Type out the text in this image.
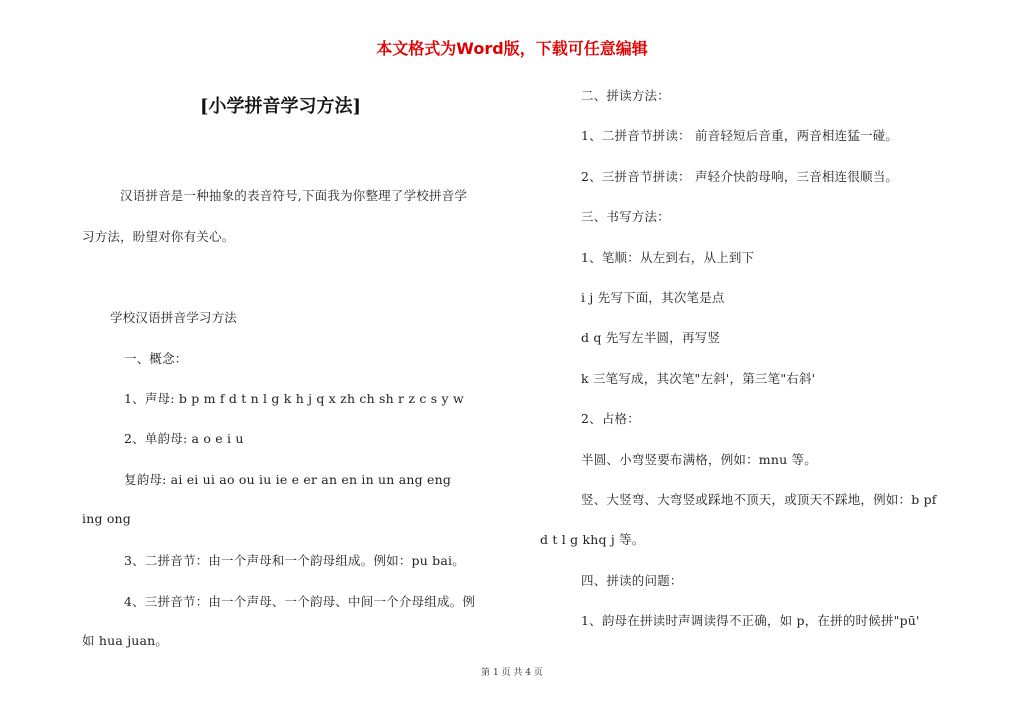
本文格式为Word版，下载可任意编辑
[小学拼音学习方法]
汉语拼音是一种抽象的表音符号,下面我为你整理了学校拼音学
习方法，盼望对你有关心。
学校汉语拼音学习方法
一、概念：
1、声母: b p m f d t n l g k h j q x zh ch sh r z c s y w
2、单韵母: a o e i u
复韵母: ai ei ui ao ou iu ie e er an en in un ang eng
ing ong
3、二拼音节：由一个声母和一个韵母组成。例如：pu bai。
4、三拼音节：由一个声母、一个韵母、中间一个介母组成。例
如 hua juan。
二、拼读方法：
1、二拼音节拼读： 前音轻短后音重，两音相连猛一碰。
2、三拼音节拼读： 声轻介快韵母响，三音相连很顺当。
三、书写方法：
1、笔顺：从左到右，从上到下
i j 先写下面，其次笔是点
d q 先写左半圆，再写竖
k 三笔写成，其次笔"左斜'，第三笔"右斜'
2、占格：
半圆、小弯竖要布满格，例如：mnu 等。
竖、大竖弯、大弯竖或踩地不顶天，或顶天不踩地，例如：b pf
d t l g khq j 等。
四、拼读的问题：
1、韵母在拼读时声调读得不正确，如 p，在拼的时候拼"pū'
第 1 页 共 4 页
